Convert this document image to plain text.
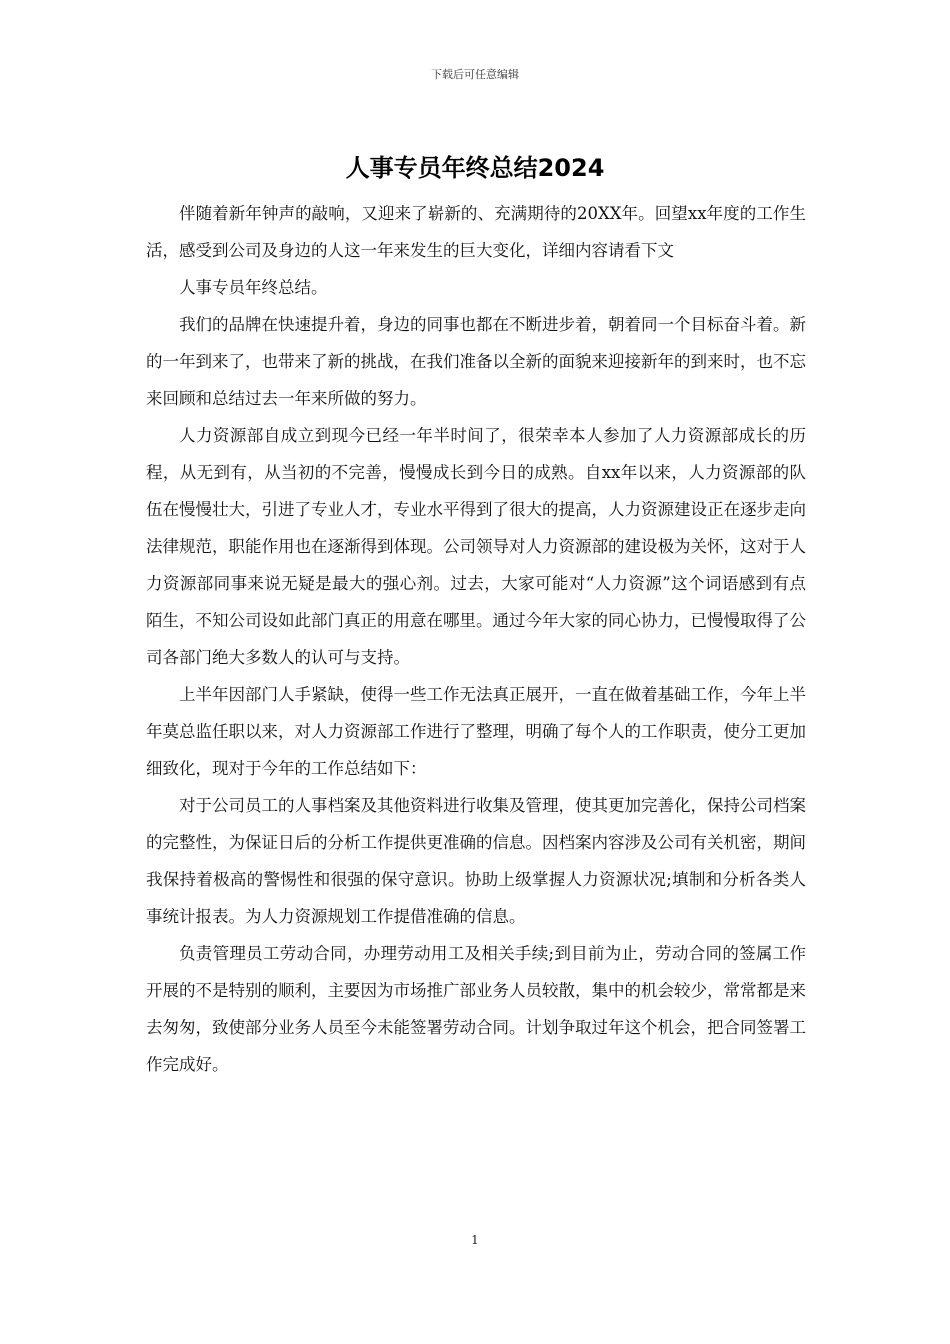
下载后可任意编辑
人事专员年终总结2024

伴随着新年钟声的敲响，又迎来了崭新的、充满期待的20XX年。回望xx年度的工作生活，感受到公司及身边的人这一年来发生的巨大变化，详细内容请看下文

人事专员年终总结。

我们的品牌在快速提升着，身边的同事也都在不断进步着，朝着同一个目标奋斗着。新的一年到来了，也带来了新的挑战，在我们准备以全新的面貌来迎接新年的到来时，也不忘来回顾和总结过去一年来所做的努力。

人力资源部自成立到现今已经一年半时间了，很荣幸本人参加了人力资源部成长的历程，从无到有，从当初的不完善，慢慢成长到今日的成熟。自xx年以来，人力资源部的队伍在慢慢壮大，引进了专业人才，专业水平得到了很大的提高，人力资源建设正在逐步走向法律规范，职能作用也在逐渐得到体现。公司领导对人力资源部的建设极为关怀，这对于人力资源部同事来说无疑是最大的强心剂。过去，大家可能对“人力资源”这个词语感到有点陌生，不知公司设如此部门真正的用意在哪里。通过今年大家的同心协力，已慢慢取得了公司各部门绝大多数人的认可与支持。

上半年因部门人手紧缺，使得一些工作无法真正展开，一直在做着基础工作，今年上半年莫总监任职以来，对人力资源部工作进行了整理，明确了每个人的工作职责，使分工更加细致化，现对于今年的工作总结如下：

对于公司员工的人事档案及其他资料进行收集及管理，使其更加完善化，保持公司档案的完整性，为保证日后的分析工作提供更准确的信息。因档案内容涉及公司有关机密，期间我保持着极高的警惕性和很强的保守意识。协助上级掌握人力资源状况;填制和分析各类人事统计报表。为人力资源规划工作提借准确的信息。

负责管理员工劳动合同，办理劳动用工及相关手续;到目前为止，劳动合同的签属工作开展的不是特别的顺利，主要因为市场推广部业务人员较散，集中的机会较少，常常都是来去匆匆，致使部分业务人员至今未能签署劳动合同。计划争取过年这个机会，把合同签署工作完成好。

1
